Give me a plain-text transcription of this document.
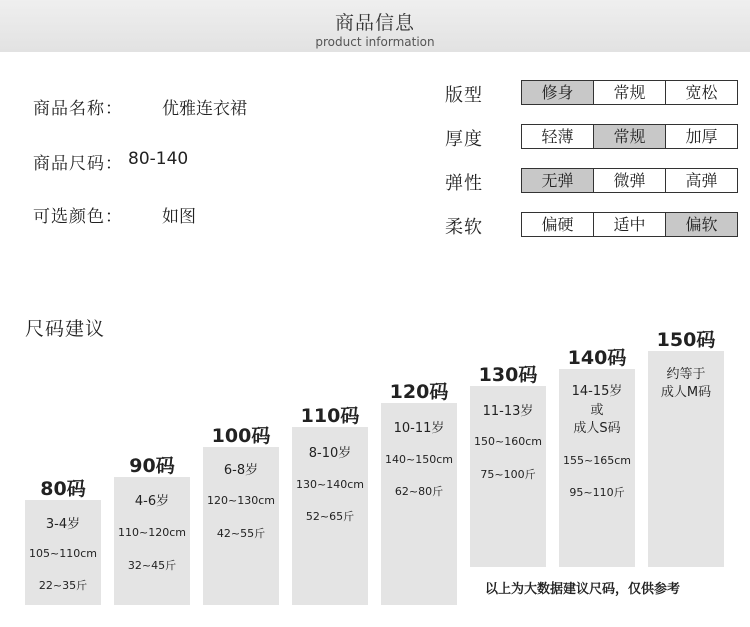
商品信息
product information
商品名称： 优雅连衣裙
商品尺码： 80-140
可选颜色： 如图
版型	修身	常规	宽松
厚度	轻薄	常规	加厚
弹性	无弹	微弹	高弹
柔软	偏硬	适中	偏软
尺码建议
80码
3-4岁
105~110cm
22~35斤
90码
4-6岁
110~120cm
32~45斤
100码
6-8岁
120~130cm
42~55斤
110码
8-10岁
130~140cm
52~65斤
120码
10-11岁
140~150cm
62~80斤
130码
11-13岁
150~160cm
75~100斤
140码
14-15岁
或
成人S码
155~165cm
95~110斤
150码
约等于
成人M码
以上为大数据建议尺码，仅供参考
